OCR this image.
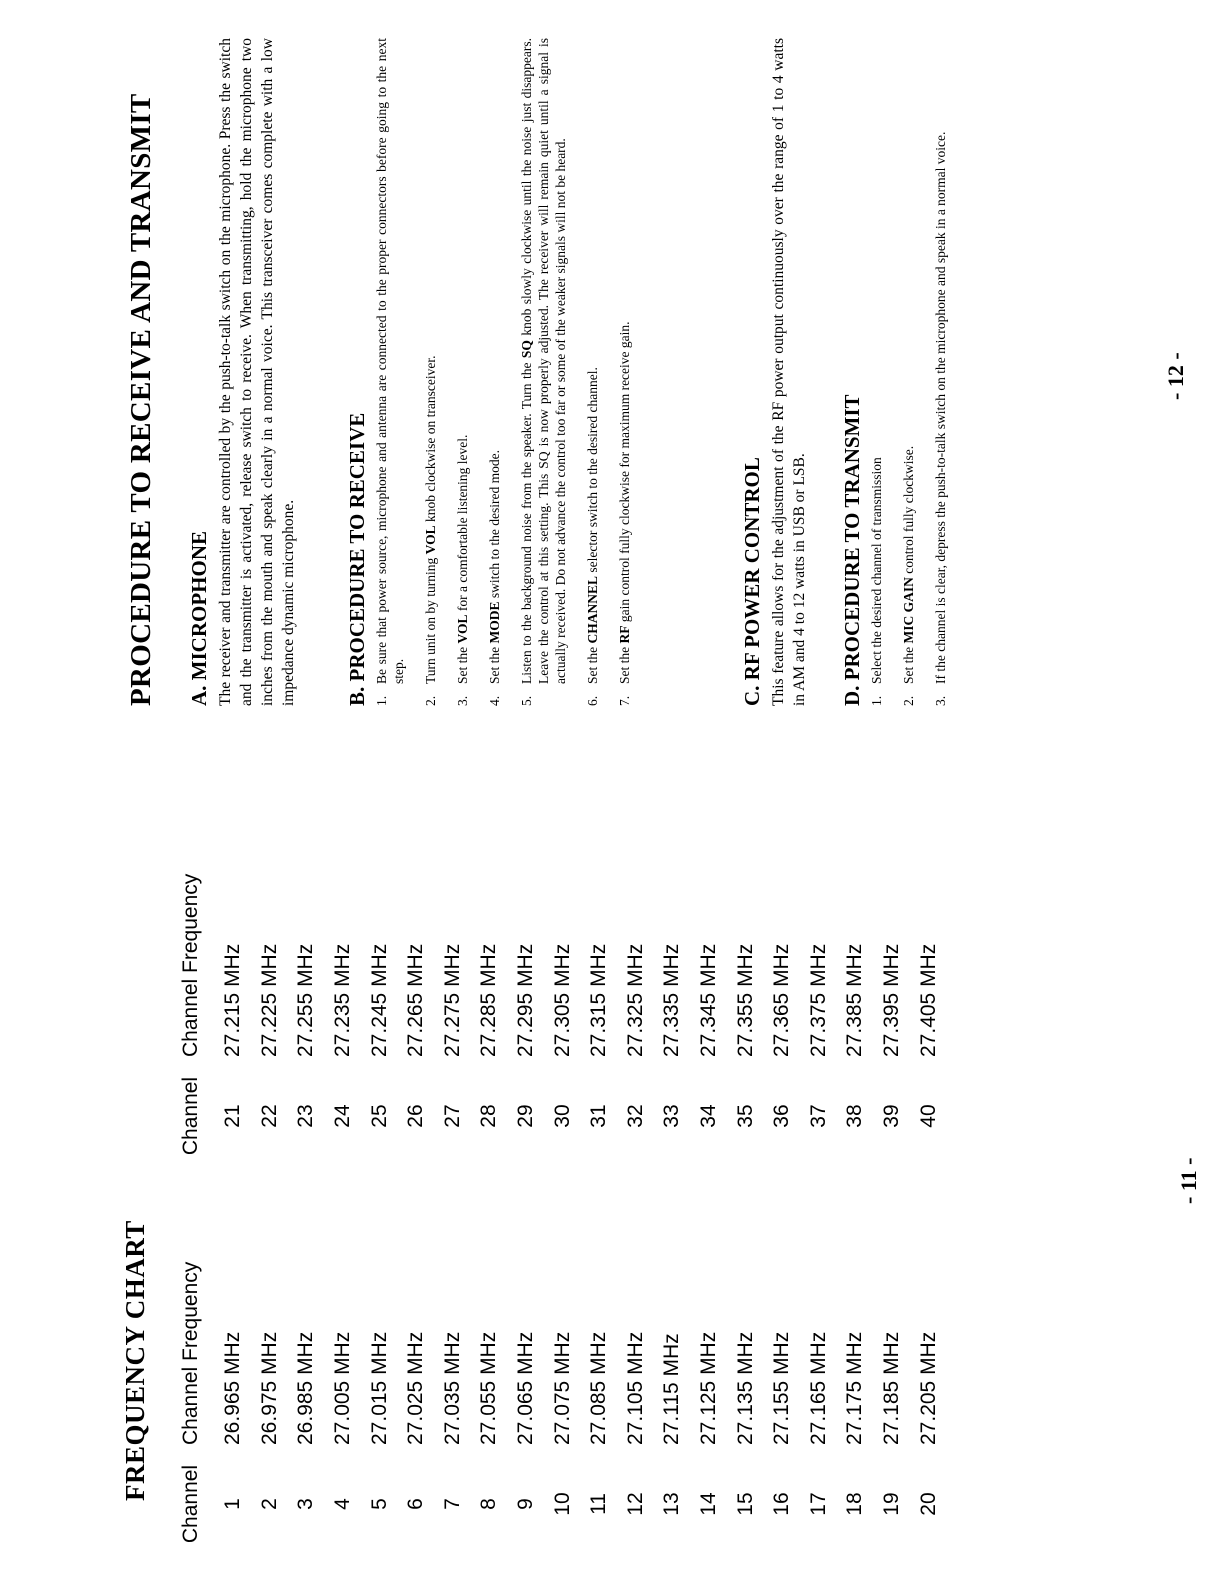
FREQUENCY CHART
Channel	Channel Frequency
1	26.965 MHz
2	26.975 MHz
3	26.985 MHz
4	27.005 MHz
5	27.015 MHz
6	27.025 MHz
7	27.035 MHz
8	27.055 MHz
9	27.065 MHz
10	27.075 MHz
11	27.085 MHz
12	27.105 MHz
13	27.115 MHz
14	27.125 MHz
15	27.135 MHz
16	27.155 MHz
17	27.165 MHz
18	27.175 MHz
19	27.185 MHz
20	27.205 MHz
Channel	Channel Frequency
21	27.215 MHz
22	27.225 MHz
23	27.255 MHz
24	27.235 MHz
25	27.245 MHz
26	27.265 MHz
27	27.275 MHz
28	27.285 MHz
29	27.295 MHz
30	27.305 MHz
31	27.315 MHz
32	27.325 MHz
33	27.335 MHz
34	27.345 MHz
35	27.355 MHz
36	27.365 MHz
37	27.375 MHz
38	27.385 MHz
39	27.395 MHz
40	27.405 MHz
- 11 -
PROCEDURE TO RECEIVE AND TRANSMIT A. MICROPHONE The receiver and transmitter are controlled by the push-to-talk switch on the microphone. Press the switch and the transmitter is activated, release switch to receive. When transmitting, hold the microphone two inches from the mouth and speak clearly in a normal voice. This transceiver comes complete with a low impedance dynamic microphone. B. PROCEDURE TO RECEIVE 1.
Be sure that power source, microphone and antenna are connected to the proper connectors before going to the next step.
2.
Turn unit on by turning VOL knob clockwise on transceiver.
3.
Set the VOL for a comfortable listening level.
4.
Set the MODE switch to the desired mode.
5.
Listen to the background noise from the speaker. Turn the SQ knob slowly clockwise until the noise just disappears. Leave the control at this setting. This SQ is now properly adjusted. The receiver will remain quiet until a signal is actually received. Do not advance the control too far or some of the weaker signals will not be heard.
6.
Set the CHANNEL selector switch to the desired channel.
7.
Set the RF gain control fully clockwise for maximum receive gain.	C. RF POWER CONTROL This feature allows for the adjustment of the RF power output continuously over the range of 1 to 4 watts in AM and 4 to 12 watts in USB or LSB. D. PROCEDURE TO TRANSMIT 1.
Select the desired channel of transmission
2.
Set the MIC GAIN control fully clockwise.
3.
If the channel is clear, depress the push-to-talk switch on the microphone and speak in a normal voice.	- 12 -
